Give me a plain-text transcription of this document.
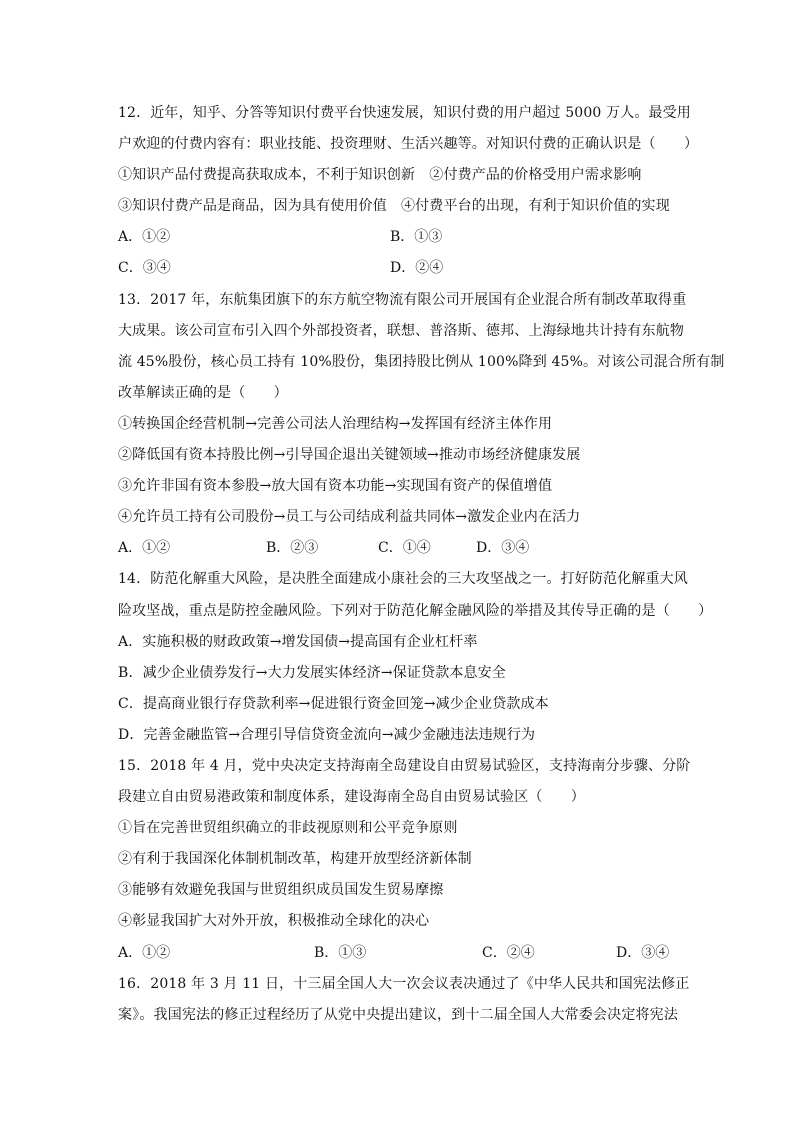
12．近年，知乎、分答等知识付费平台快速发展，知识付费的用户超过 5000 万人。最受用
户欢迎的付费内容有：职业技能、投资理财、生活兴趣等。对知识付费的正确认识是（　　）
①知识产品付费提高获取成本，不利于知识创新　②付费产品的价格受用户需求影响
③知识付费产品是商品，因为具有使用价值　④付费平台的出现，有利于知识价值的实现
A．①②	B．①③
C．③④	D．②④
13．2017 年，东航集团旗下的东方航空物流有限公司开展国有企业混合所有制改革取得重
大成果。该公司宣布引入四个外部投资者，联想、普洛斯、德邦、上海绿地共计持有东航物
流 45%股份，核心员工持有 10%股份，集团持股比例从 100%降到 45%。对该公司混合所有制
改革解读正确的是（　　）
①转换国企经营机制→完善公司法人治理结构→发挥国有经济主体作用
②降低国有资本持股比例→引导国企退出关键领域→推动市场经济健康发展
③允许非国有资本参股→放大国有资本功能→实现国有资产的保值增值
④允许员工持有公司股份→员工与公司结成利益共同体→激发企业内在活力
A．①②	B．②③	C．①④	D．③④
14．防范化解重大风险，是决胜全面建成小康社会的三大攻坚战之一。打好防范化解重大风
险攻坚战，重点是防控金融风险。下列对于防范化解金融风险的举措及其传导正确的是（　　）
A．实施积极的财政政策→增发国债→提高国有企业杠杆率
B．减少企业债券发行→大力发展实体经济→保证贷款本息安全
C．提高商业银行存贷款利率→促进银行资金回笼→减少企业贷款成本
D．完善金融监管→合理引导信贷资金流向→减少金融违法违规行为
15．2018 年 4 月，党中央决定支持海南全岛建设自由贸易试验区，支持海南分步骤、分阶
段建立自由贸易港政策和制度体系，建设海南全岛自由贸易试验区（　　）
①旨在完善世贸组织确立的非歧视原则和公平竞争原则
②有利于我国深化体制机制改革，构建开放型经济新体制
③能够有效避免我国与世贸组织成员国发生贸易摩擦
④彰显我国扩大对外开放，积极推动全球化的决心
A．①②	B．①③	C．②④	D．③④
16．2018 年 3 月 11 日，十三届全国人大一次会议表决通过了《中华人民共和国宪法修正
案》。我国宪法的修正过程经历了从党中央提出建议，到十二届全国人大常委会决定将宪法
